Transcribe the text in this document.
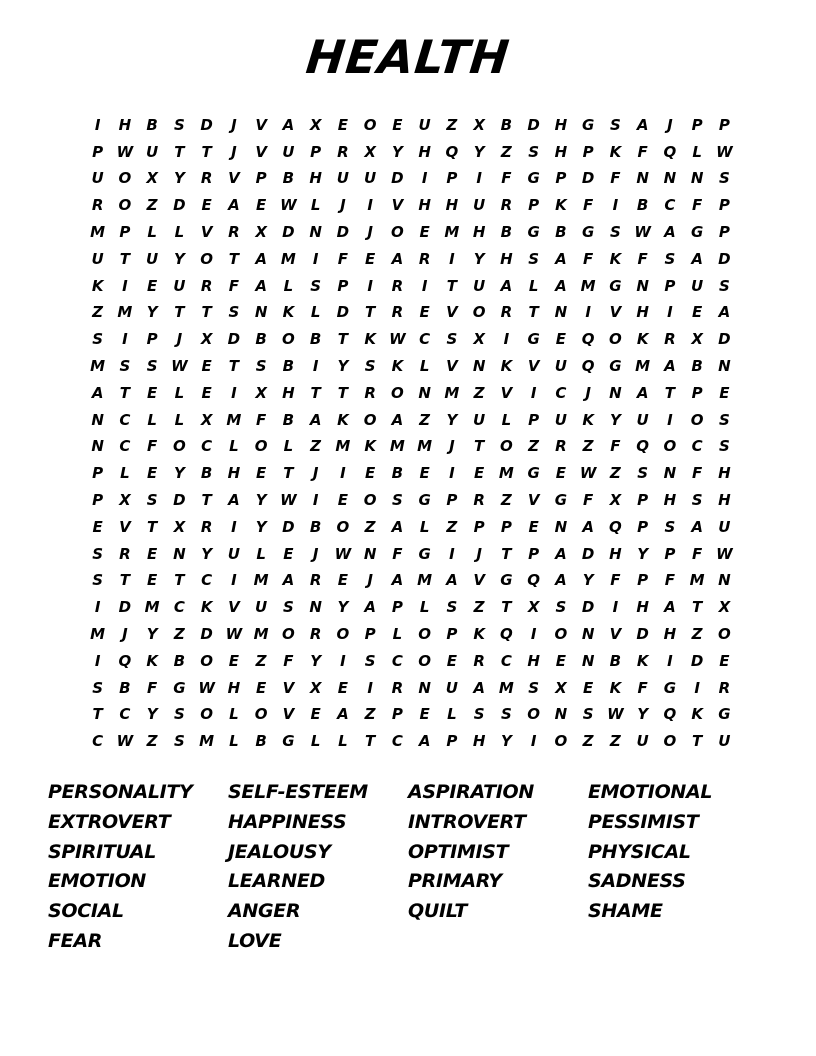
HEALTH
I	H	B	S	D	J	V	A	X	E	O	E	U	Z	X	B	D H G	S	A	J	P	P
P W U	T	T	J	V	U	P	R	X	Y	H Q	Y	Z	S	H	P	K	F	Q	L W
U O	X	Y	R	V	P	B	H U	U D	I	P	I	F	G	P	D	F	N N N	S
R	O	Z	D	E	A	E W L	J	I	V	H H U	R	P	K	F	I	B	C	F	P
M P	L	L	V	R	X	D N D	J	O	E M H	B	G	B	G	S W A	G	P
U	T	U	Y	O	T	A M	I	F	E	A	R	I	Y	H	S	A	F	K	F	S	A	D
K	I	E	U	R	F	A	L	S	P	I	R	I	T	U	A	L	A M G N	P	U	S
Z M Y	T	T	S	N	K	L	D	T	R	E	V	O	R	T	N	I	V	H	I	E	A
S	I	P	J	X	D	B	O	B	T	K W C	S	X	I	G	E	Q O	K	R	X	D
M S	S W E	T	S	B	I	Y	S	K	L	V	N	K	V	U Q G M A	B	N
A	T	E	L	E	I	X	H	T	T	R	O N M Z	V	I	C	J	N	A	T	P	E
N	C	L	L	X M F	B	A	K	O	A	Z	Y	U	L	P	U	K	Y	U	I	O	S
N	C	F	O	C	L	O	L	Z M K M M	J	T	O	Z	R	Z	F	Q O	C	S
P	L	E	Y	B	H	E	T	J	I	E	B	E	I	E M G	E W Z	S	N	F	H
P	X	S	D	T	A	Y W	I	E	O	S	G	P	R	Z	V	G	F	X	P	H	S	H
E	V	T	X	R	I	Y	D	B	O	Z	A	L	Z	P	P	E	N	A	Q	P	S	A	U
S	R	E	N	Y	U	L	E	J	W N	F	G	I	J	T	P	A	D H	Y	P	F W
S	T	E	T	C	I	M A	R	E	J	A M A	V	G Q	A	Y	F	P	F M N
I	D M C	K	V	U	S	N	Y	A	P	L	S	Z	T	X	S	D	I	H	A	T	X
M	J	Y	Z	D W M O	R	O	P	L	O	P	K	Q	I	O N	V	D H	Z	O
I	Q	K	B	O	E	Z	F	Y	I	S	C	O	E	R	C	H	E	N	B	K	I	D	E
S	B	F	G W H	E	V	X	E	I	R	N U	A M S	X	E	K	F	G	I	R
T	C	Y	S	O	L	O	V	E	A	Z	P	E	L	S	S	O N	S W Y	Q	K	G
C W Z	S M	L	B	G	L	L	T	C	A	P	H	Y	I	O	Z	Z	U O	T	U
PERSONALITY	SELF-ESTEEM	ASPIRATION	EMOTIONAL
EXTROVERT	HAPPINESS	INTROVERT	PESSIMIST
SPIRITUAL	JEALOUSY	OPTIMIST	PHYSICAL
EMOTION	LEARNED	PRIMARY	SADNESS
SOCIAL	ANGER	QUILT	SHAME
FEAR	LOVE
